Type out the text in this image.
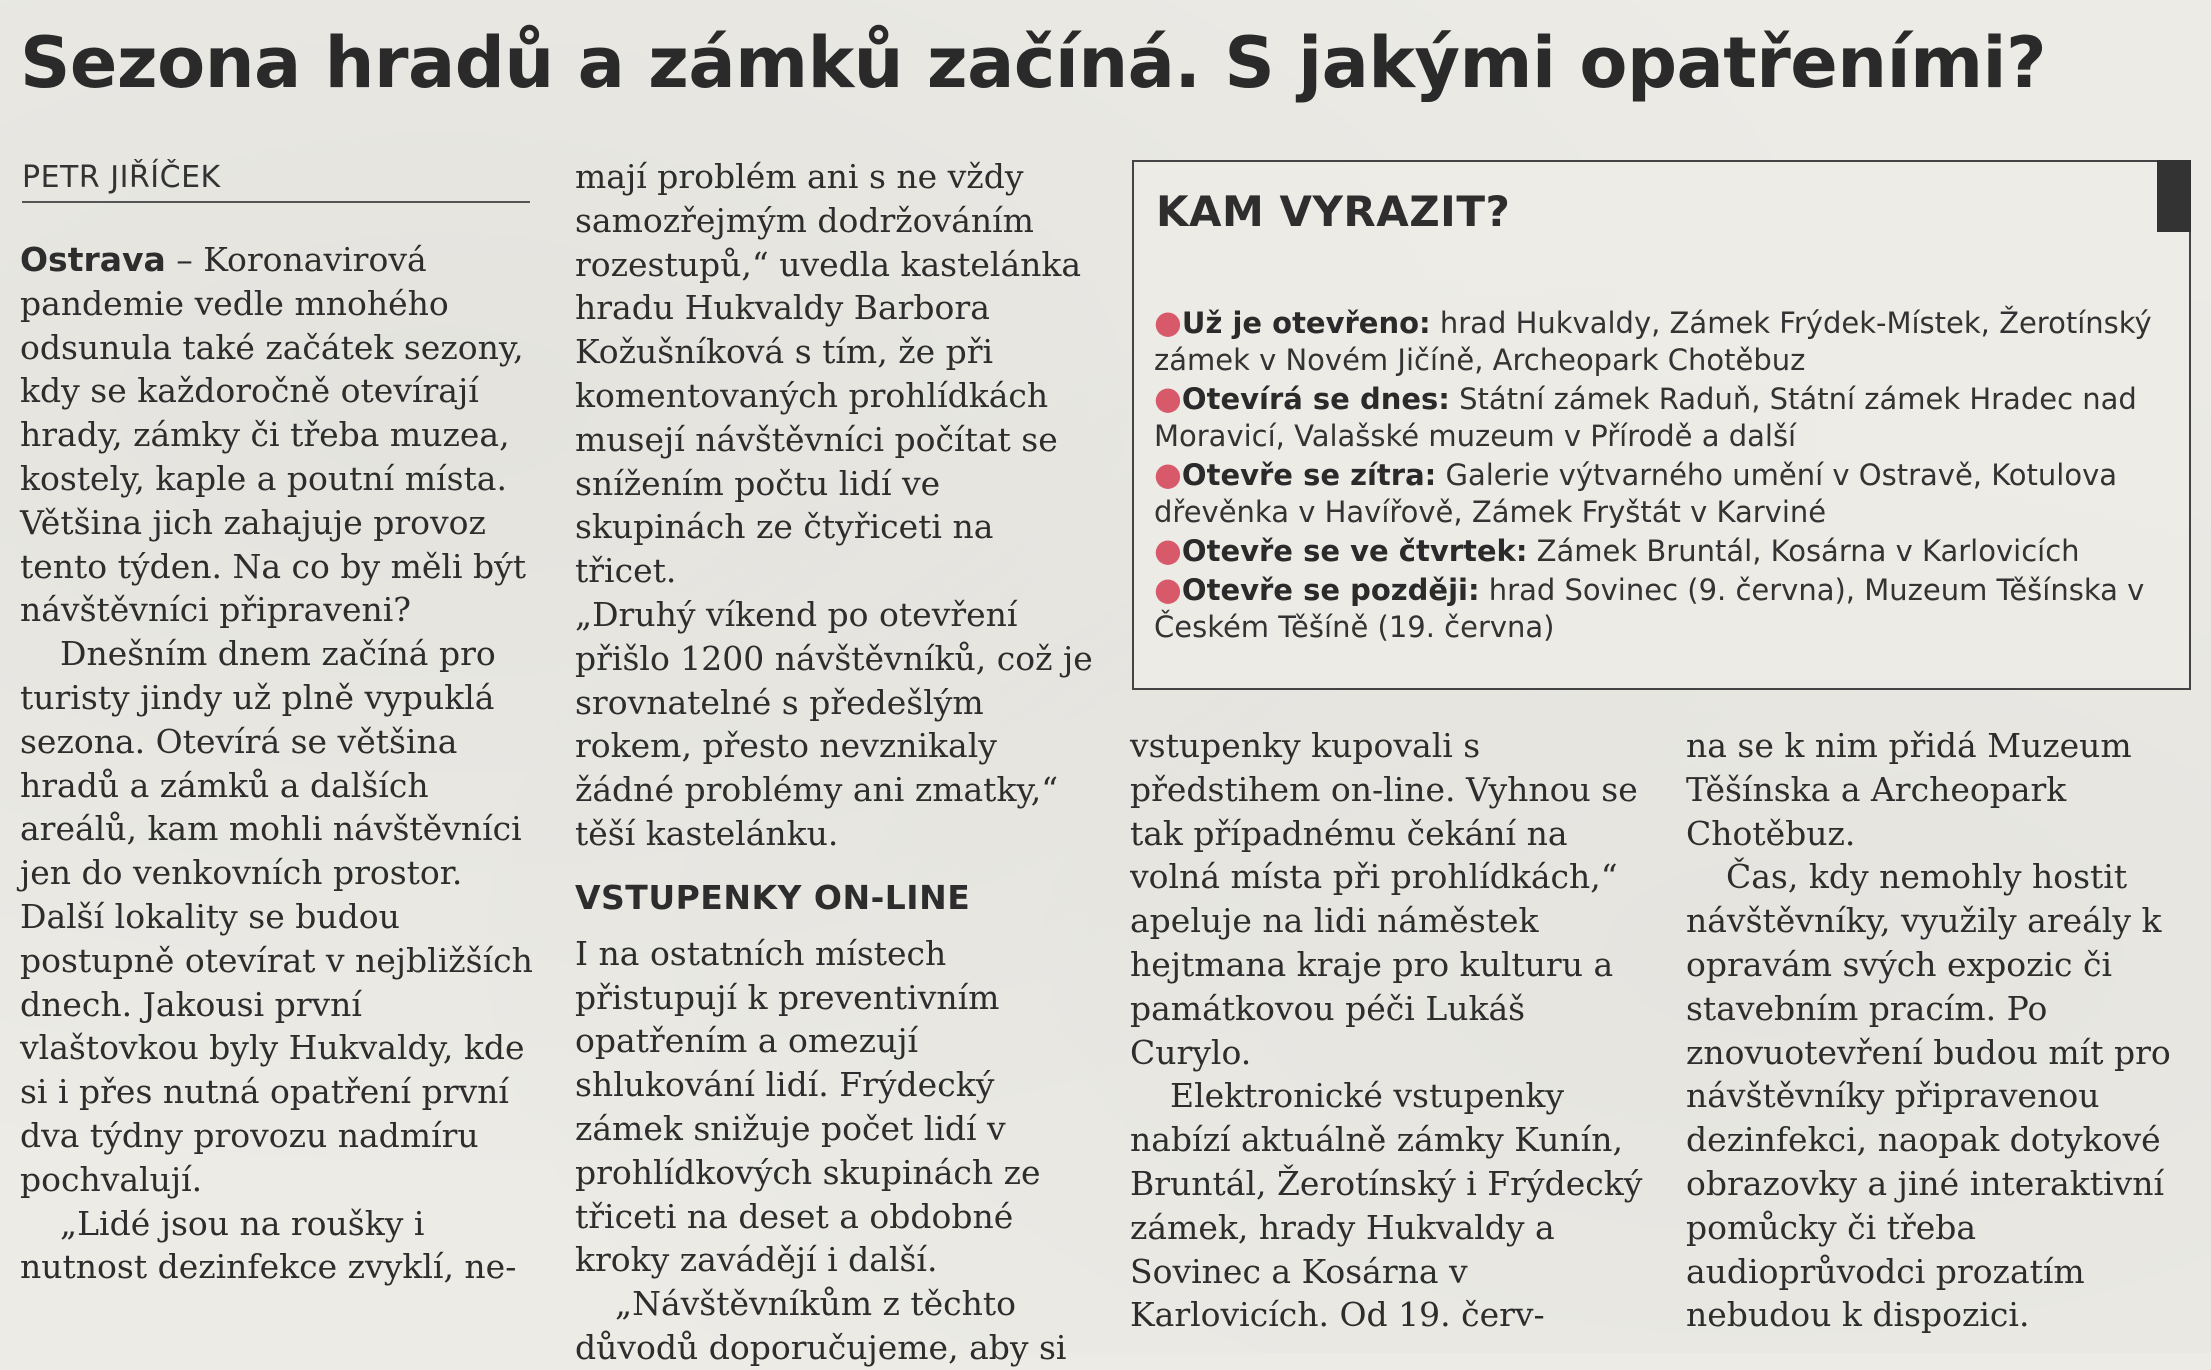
Sezona hradů a zámků začíná. S jakými opatřeními?
PETR JIŘÍČEK

Ostrava – Koronavirová pandemie vedle mnohého odsunula také začátek sezony, kdy se každoročně otevírají hrady, zámky či třeba muzea, kostely, kaple a poutní místa. Většina jich zahajuje provoz tento týden. Na co by měli být návštěvníci připraveni?

Dnešním dnem začíná pro turisty jindy už plně vypuklá sezona. Otevírá se většina hradů a zámků a dalších areálů, kam mohli návštěvníci jen do venkovních prostor. Další lokality se budou postupně otevírat v nejbližších dnech. Jakousi první vlaštovkou byly Hukvaldy, kde si i přes nutná opatření první dva týdny provozu nadmíru pochvalují.

„Lidé jsou na roušky i nutnost dezinfekce zvyklí, ne-

mají problém ani s ne vždy samozřejmým dodržováním rozestupů,“ uvedla kastelánka hradu Hukvaldy Barbora Kožušníková s tím, že při komentovaných prohlídkách musejí návštěvníci počítat se snížením počtu lidí ve skupinách ze čtyřiceti na třicet.

„Druhý víkend po otevření přišlo 1200 návštěvníků, což je srovnatelné s předešlým rokem, přesto nevznikaly žádné problémy ani zmatky,“ těší kastelánku.

VSTUPENKY ON-LINE

I na ostatních místech přistupují k preventivním opatřením a omezují shlukování lidí. Frýdecký zámek snižuje počet lidí v prohlídkových skupinách ze třiceti na deset a obdobné kroky zavádějí i další.

„Návštěvníkům z těchto důvodů doporučujeme, aby si

KAM VYRAZIT?
●Už je otevřeno: hrad Hukvaldy, Zámek Frýdek-Místek, Žerotínský zámek v Novém Jičíně, Archeopark Chotěbuz
●Otevírá se dnes: Státní zámek Raduň, Státní zámek Hradec nad Moravicí, Valašské muzeum v Přírodě a další
●Otevře se zítra: Galerie výtvarného umění v Ostravě, Kotulova dřevěnka v Havířově, Zámek Fryštát v Karviné
●Otevře se ve čtvrtek: Zámek Bruntál, Kosárna v Karlovicích
●Otevře se později: hrad Sovinec (9. června), Muzeum Těšínska v Českém Těšíně (19. června)

vstupenky kupovali s předstihem on-line. Vyhnou se tak případnému čekání na volná místa při prohlídkách,“ apeluje na lidi náměstek hejtmana kraje pro kulturu a památkovou péči Lukáš Curylo.

Elektronické vstupenky nabízí aktuálně zámky Kunín, Bruntál, Žerotínský i Frýdecký zámek, hrady Hukvaldy a Sovinec a Kosárna v Karlovicích. Od 19. červ-

na se k nim přidá Muzeum Těšínska a Archeopark Chotěbuz.

Čas, kdy nemohly hostit návštěvníky, využily areály k opravám svých expozic či stavebním pracím. Po znovuotevření budou mít pro návštěvníky připravenou dezinfekci, naopak dotykové obrazovky a jiné interaktivní pomůcky či třeba audioprůvodci prozatím nebudou k dispozici.
